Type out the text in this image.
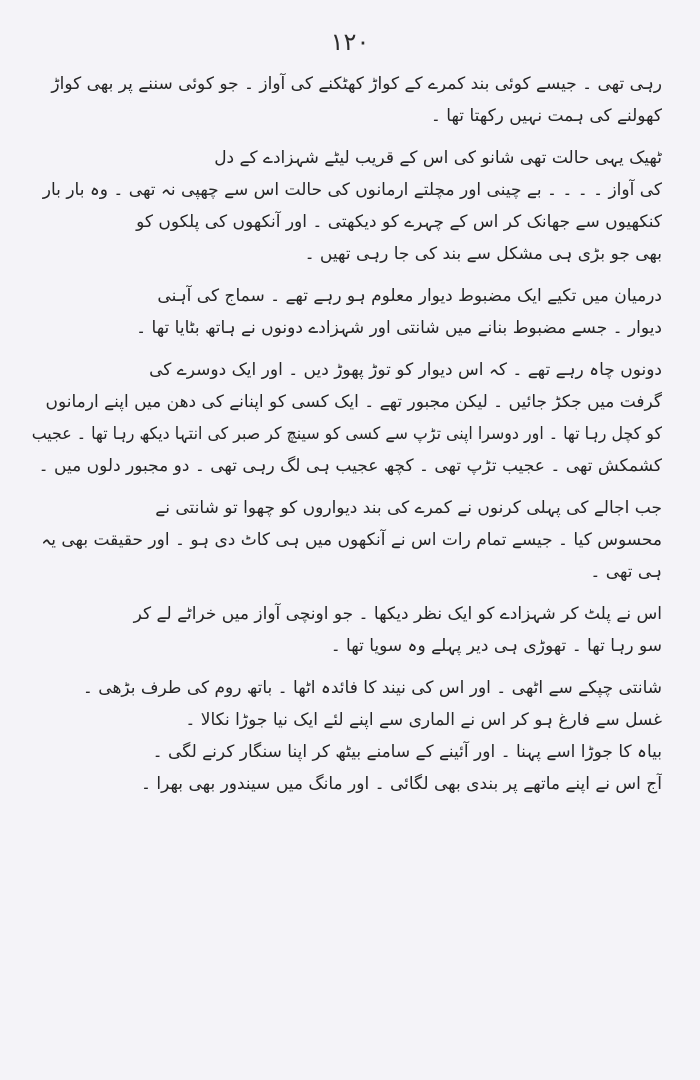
۱۲۰
رہی تھی ۔ جیسے کوئی بند کمرے کے کواڑ کھٹکنے کی آواز ۔ جو کوئی سننے پر بھی کواڑ
کھولنے کی ہمت نہیں رکھتا تھا ۔
ٹھیک یہی حالت تھی شانو کی اس کے قریب لیٹے شہزادے کے دل
کی آواز ۔ ۔ ۔ ۔ بے چینی اور مچلتے ارمانوں کی حالت اس سے چھپی نہ تھی ۔ وہ بار بار
کنکھیوں سے جھانک کر اس کے چہرے کو دیکھتی ۔ اور آنکھوں کی پلکوں کو
بھی جو بڑی ہی مشکل سے بند کی جا رہی تھیں ۔
درمیان میں تکیے ایک مضبوط دیوار معلوم ہو رہے تھے ۔ سماج کی آہنی
دیوار ۔ جسے مضبوط بنانے میں شانتی اور شہزادے دونوں نے ہاتھ بٹایا تھا ۔
دونوں چاہ رہے تھے ۔ کہ اس دیوار کو توڑ پھوڑ دیں ۔ اور ایک دوسرے کی
گرفت میں جکڑ جائیں ۔ لیکن مجبور تھے ۔ ایک کسی کو اپنانے کی دھن میں اپنے ارمانوں
کو کچل رہا تھا ۔ اور دوسرا اپنی تڑپ سے کسی کو سینچ کر صبر کی انتہا دیکھ رہا تھا ۔ عجیب
کشمکش تھی ۔ عجیب تڑپ تھی ۔ کچھ عجیب ہی لگ رہی تھی ۔ دو مجبور دلوں میں ۔
جب اجالے کی پہلی کرنوں نے کمرے کی بند دیواروں کو چھوا تو شانتی نے
محسوس کیا ۔ جیسے تمام رات اس نے آنکھوں میں ہی کاٹ دی ہو ۔ اور حقیقت بھی یہ
ہی تھی ۔
اس نے پلٹ کر شہزادے کو ایک نظر دیکھا ۔ جو اونچی آواز میں خراٹے لے کر
سو رہا تھا ۔ تھوڑی ہی دیر پہلے وہ سویا تھا ۔
شانتی چپکے سے اٹھی ۔ اور اس کی نیند کا فائدہ اٹھا ۔ باتھ روم کی طرف بڑھی ۔
غسل سے فارغ ہو کر اس نے الماری سے اپنے لئے ایک نیا جوڑا نکالا ۔
بیاہ کا جوڑا اسے پہنا ۔ اور آئینے کے سامنے بیٹھ کر اپنا سنگار کرنے لگی ۔
آج اس نے اپنے ماتھے پر بندی بھی لگائی ۔ اور مانگ میں سیندور بھی بھرا ۔
